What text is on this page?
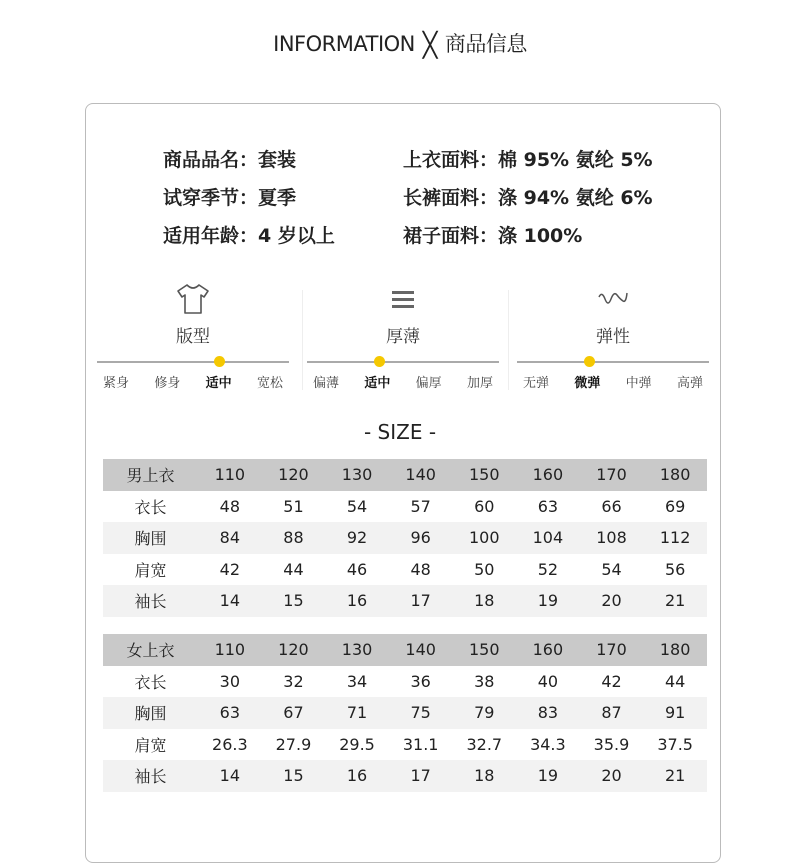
INFORMATION ╳ 商品信息
商品品名：套装
试穿季节：夏季
适用年龄：4 岁以上
上衣面料：棉 95% 氨纶 5%
长裤面料：涤 94% 氨纶 6%
裙子面料：涤 100%
版型
紧身 修身 适中 宽松
厚薄
偏薄 适中 偏厚 加厚
弹性
无弹 微弹 中弹 高弹
- SIZE -
男上衣	110	120	130	140	150	160	170	180
衣长	48	51	54	57	60	63	66	69
胸围	84	88	92	96	100	104	108	112
肩宽	42	44	46	48	50	52	54	56
袖长	14	15	16	17	18	19	20	21
女上衣	110	120	130	140	150	160	170	180
衣长	30	32	34	36	38	40	42	44
胸围	63	67	71	75	79	83	87	91
肩宽	26.3	27.9	29.5	31.1	32.7	34.3	35.9	37.5
袖长	14	15	16	17	18	19	20	21
